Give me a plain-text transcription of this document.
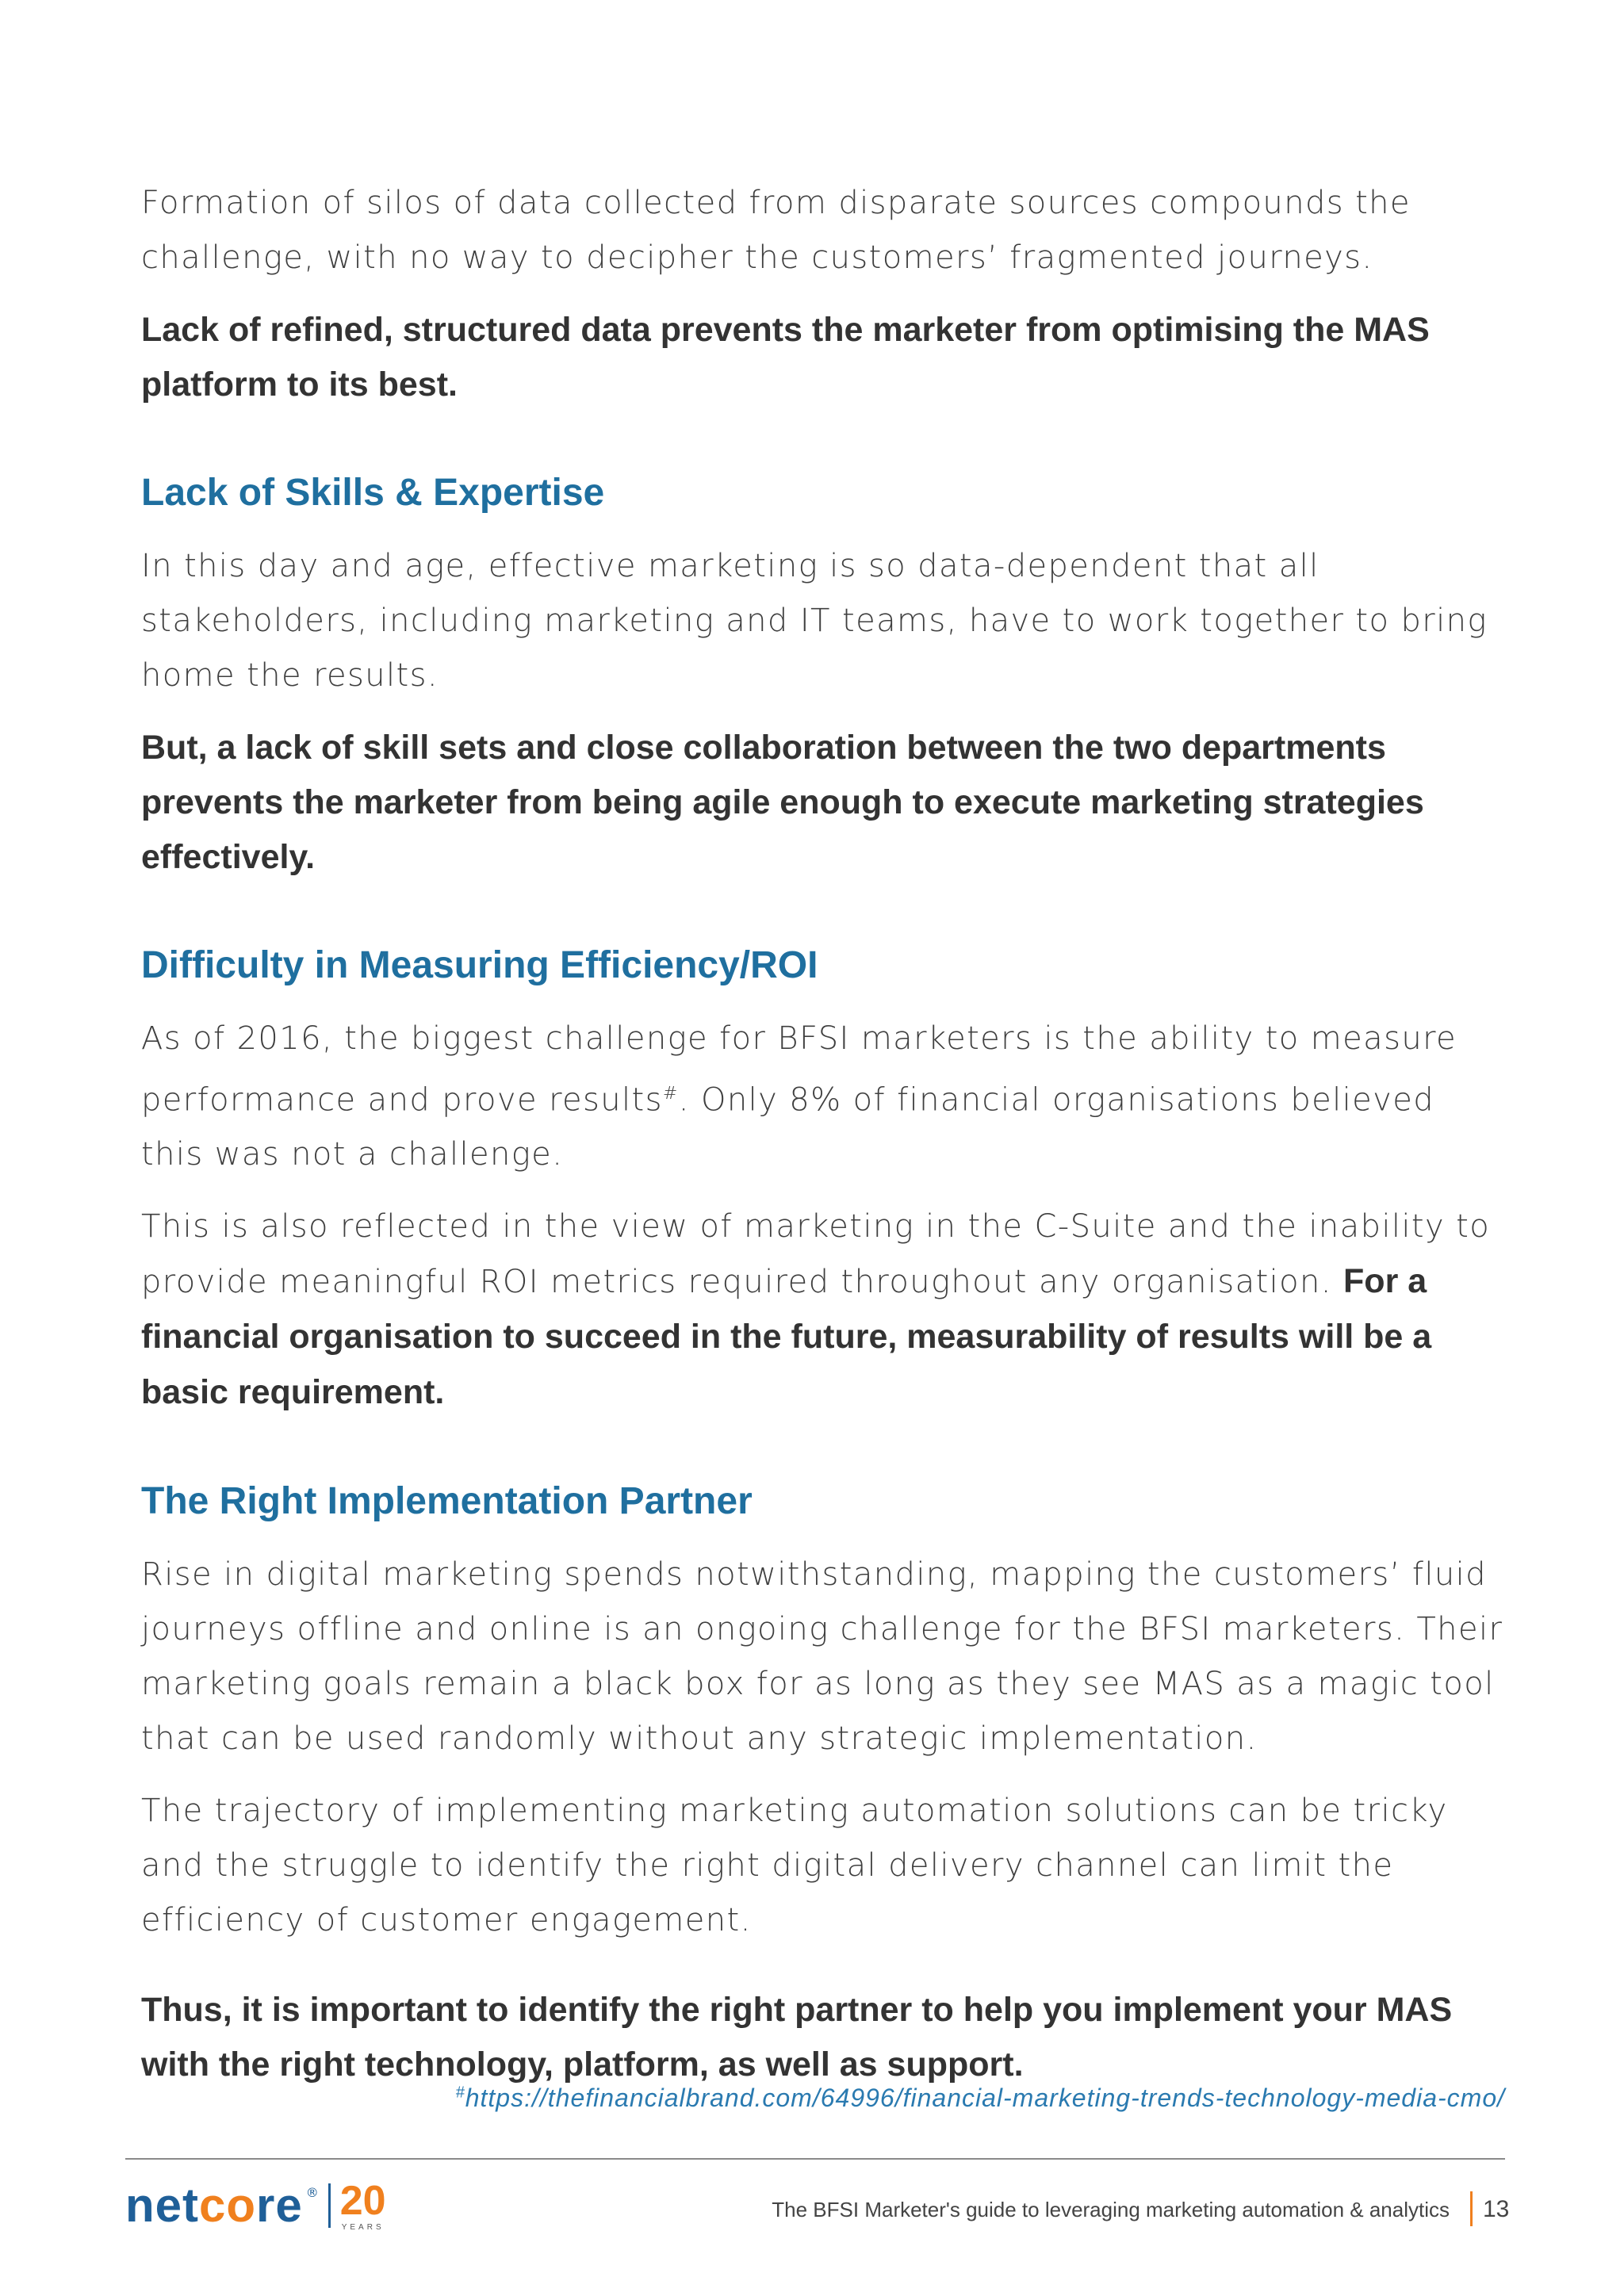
Formation of silos of data collected from disparate sources compounds the challenge, with no way to decipher the customers’ fragmented journeys.

Lack of refined, structured data prevents the marketer from optimising the MAS platform to its best.

Lack of Skills & Expertise

In this day and age, effective marketing is so data-dependent that all stakeholders, including marketing and IT teams, have to work together to bring home the results.

But, a lack of skill sets and close collaboration between the two departments prevents the marketer from being agile enough to execute marketing strategies effectively.

Difficulty in Measuring Efficiency/ROI

As of 2016, the biggest challenge for BFSI marketers is the ability to measure performance and prove results#. Only 8% of financial organisations believed this was not a challenge.

This is also reflected in the view of marketing in the C-Suite and the inability to provide meaningful ROI metrics required throughout any organisation. For a financial organisation to succeed in the future, measurability of results will be a basic requirement.

The Right Implementation Partner

Rise in digital marketing spends notwithstanding, mapping the customers’ fluid journeys offline and online is an ongoing challenge for the BFSI marketers. Their marketing goals remain a black box for as long as they see MAS as a magic tool that can be used randomly without any strategic implementation.

The trajectory of implementing marketing automation solutions can be tricky and the struggle to identify the right digital delivery channel can limit the efficiency of customer engagement.

Thus, it is important to identify the right partner to help you implement your MAS with the right technology, platform, as well as support.

#https://thefinancialbrand.com/64996/financial-marketing-trends-technology-media-cmo/
netcore ® 20
YEARS
The BFSI Marketer's guide to leveraging marketing automation & analytics 13
